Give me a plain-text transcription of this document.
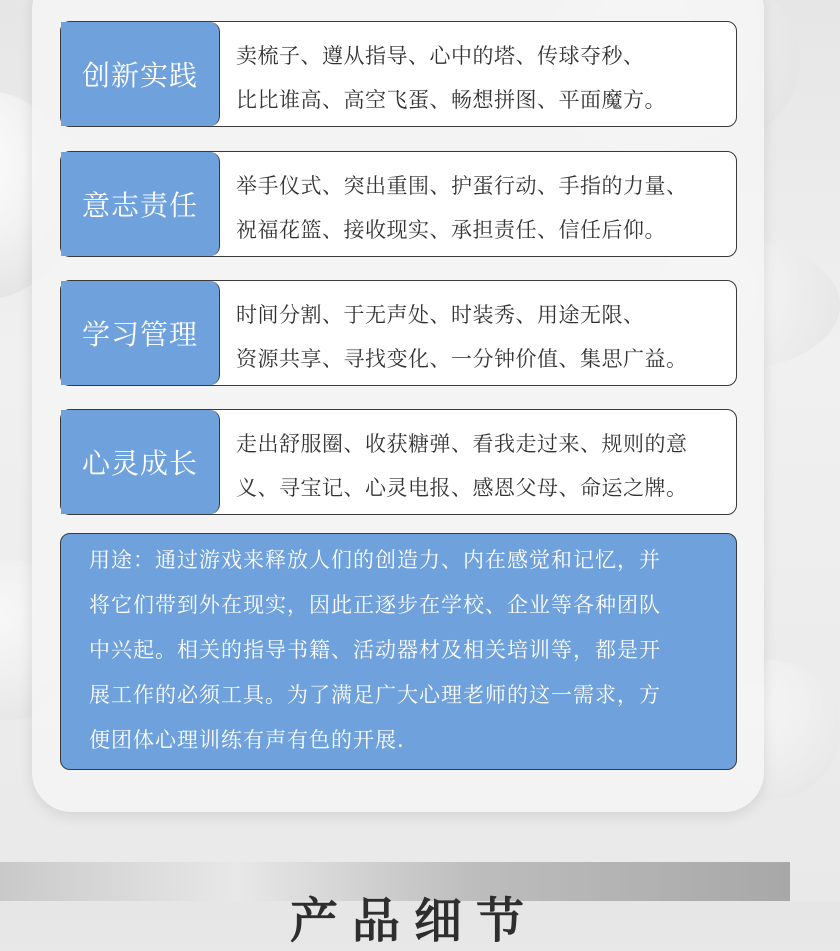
创新实践
卖梳子、遵从指导、心中的塔、传球夺秒、
比比谁高、高空飞蛋、畅想拼图、平面魔方。
意志责任
举手仪式、突出重围、护蛋行动、手指的力量、
祝福花篮、接收现实、承担责任、信任后仰。
学习管理
时间分割、于无声处、时装秀、用途无限、
资源共享、寻找变化、一分钟价值、集思广益。
心灵成长
走出舒服圈、收获糖弹、看我走过来、规则的意
义、寻宝记、心灵电报、感恩父母、命运之牌。
用途：通过游戏来释放人们的创造力、内在感觉和记忆，并
将它们带到外在现实，因此正逐步在学校、企业等各种团队
中兴起。相关的指导书籍、活动器材及相关培训等，都是开
展工作的必须工具。为了满足广大心理老师的这一需求，方
便团体心理训练有声有色的开展.
产品细节
